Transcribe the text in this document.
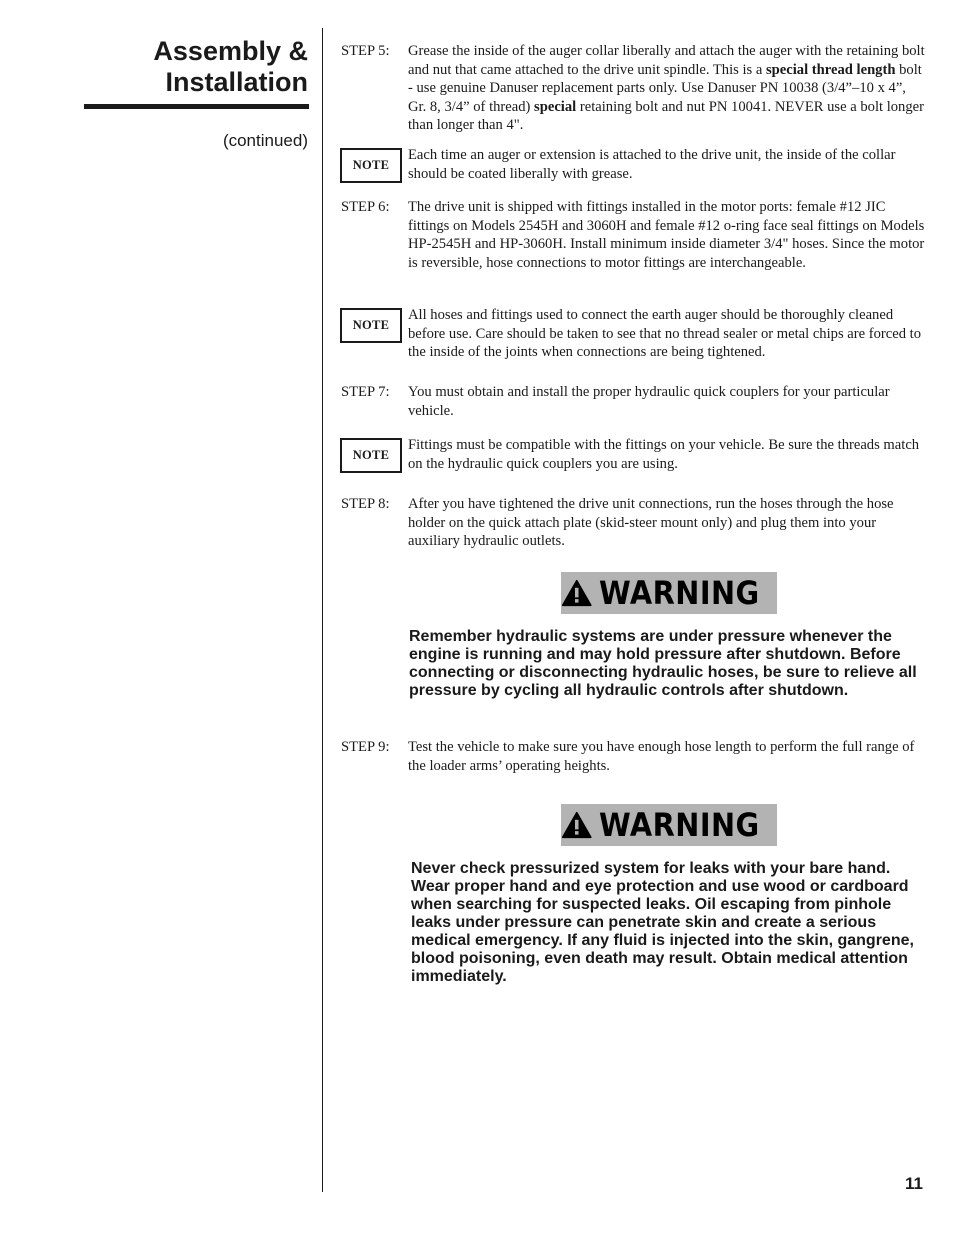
Assembly &
Installation
(continued)
STEP 5: Grease the inside of the auger collar liberally and attach the auger with the retaining bolt and nut that came attached to the drive unit spindle. This is a special thread length bolt - use genuine Danuser replacement parts only. Use Danuser PN 10038 (3/4”–10 x 4”, Gr. 8, 3/4” of thread) special retaining bolt and nut PN 10041. NEVER use a bolt longer than longer than 4".

NOTE

Each time an auger or extension is attached to the drive unit, the inside of the collar should be coated liberally with grease.

STEP 6: The drive unit is shipped with fittings installed in the motor ports: female #12 JIC fittings on Models 2545H and 3060H and female #12 o-ring face seal fittings on Models HP-2545H and HP-3060H. Install minimum inside diameter 3/4" hoses. Since the motor is reversible, hose connections to motor fittings are interchangeable.

NOTE

All hoses and fittings used to connect the earth auger should be thoroughly cleaned before use. Care should be taken to see that no thread sealer or metal chips are forced to the inside of the joints when connections are being tightened.

STEP 7: You must obtain and install the proper hydraulic quick couplers for your particular vehicle.

NOTE

Fittings must be compatible with the fittings on your vehicle. Be sure the threads match on the hydraulic quick couplers you are using.

STEP 8: After you have tightened the drive unit connections, run the hoses through the hose holder on the quick attach plate (skid-steer mount only) and plug them into your auxiliary hydraulic outlets.

WARNING

Remember hydraulic systems are under pressure whenever the engine is running and may hold pressure after shutdown. Before connecting or disconnecting hydraulic hoses, be sure to relieve all pressure by cycling all hydraulic controls after shutdown.

STEP 9: Test the vehicle to make sure you have enough hose length to perform the full range of the loader arms’ operating heights.

WARNING

Never check pressurized system for leaks with your bare hand. Wear proper hand and eye protection and use wood or cardboard when searching for suspected leaks. Oil escaping from pinhole leaks under pressure can penetrate skin and create a serious medical emergency. If any fluid is injected into the skin, gangrene, blood poisoning, even death may result. Obtain medical attention immediately.

11
